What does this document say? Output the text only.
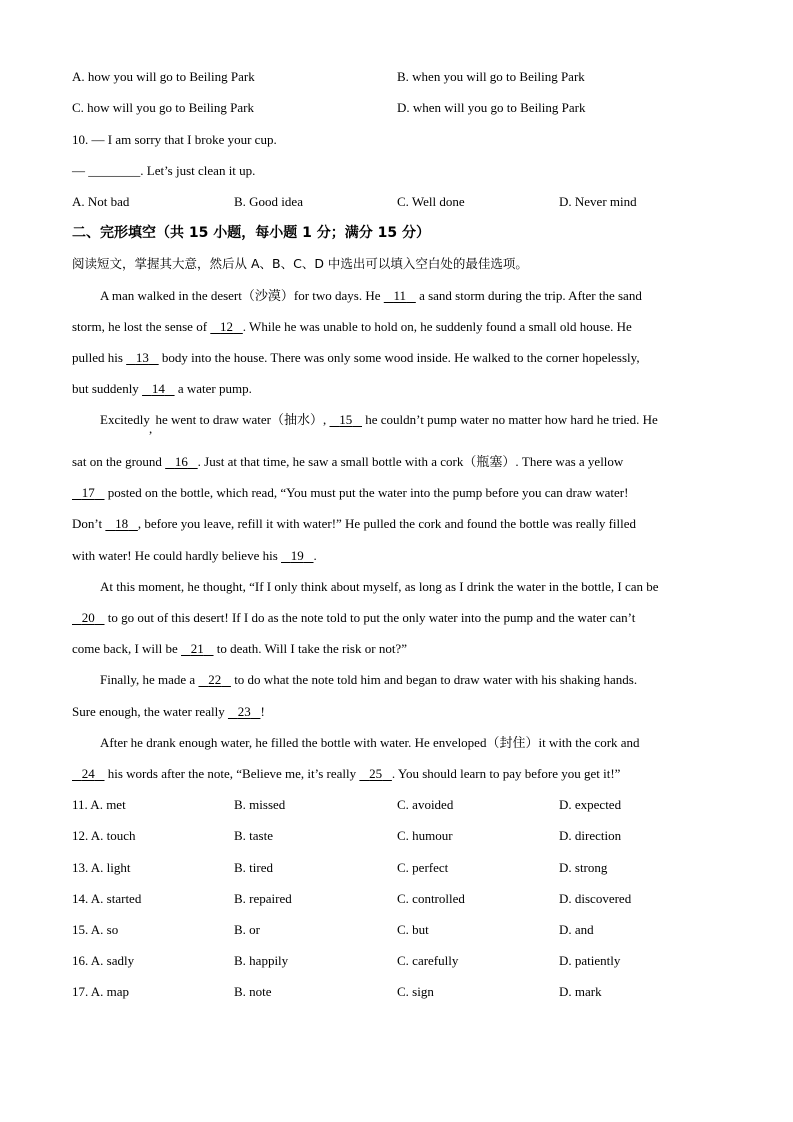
A. how you will go to Beiling Park	B. when you will go to Beiling Park
C. how will you go to Beiling Park	D. when will you go to Beiling Park
10. — I am sorry that I broke your cup.
— ________. Let’s just clean it up.
A. Not bad	B. Good idea	C. Well done	D. Never mind
二、完形填空（共 15 小题，每小题 1 分；满分 15 分）
阅读短文，掌握其大意，然后从 A、B、C、D 中选出可以填入空白处的最佳选项。
A man walked in the desert（沙漠）for two days. He 11 a sand storm during the trip. After the sand
storm, he lost the sense of 12 . While he was unable to hold on, he suddenly found a small old house. He
pulled his 13 body into the house. There was only some wood inside. He walked to the corner hopelessly,
but suddenly 14 a water pump.
Excitedly, he went to draw water（抽水）, 15 he couldn’t pump water no matter how hard he tried. He
sat on the ground 16 . Just at that time, he saw a small bottle with a cork（瓶塞）. There was a yellow
17 posted on the bottle, which read, “You must put the water into the pump before you can draw water!
Don’t 18 , before you leave, refill it with water!” He pulled the cork and found the bottle was really filled
with water! He could hardly believe his 19 .
At this moment, he thought, “If I only think about myself, as long as I drink the water in the bottle, I can be
20 to go out of this desert! If I do as the note told to put the only water into the pump and the water can’t
come back, I will be 21 to death. Will I take the risk or not?”
Finally, he made a 22 to do what the note told him and began to draw water with his shaking hands.
Sure enough, the water really 23 !
After he drank enough water, he filled the bottle with water. He enveloped（封住）it with the cork and
24 his words after the note, “Believe me, it’s really 25 . You should learn to pay before you get it!”
11. A. met	B. missed	C. avoided	D. expected
12. A. touch	B. taste	C. humour	D. direction
13. A. light	B. tired	C. perfect	D. strong
14. A. started	B. repaired	C. controlled	D. discovered
15. A. so	B. or	C. but	D. and
16. A. sadly	B. happily	C. carefully	D. patiently
17. A. map	B. note	C. sign	D. mark
